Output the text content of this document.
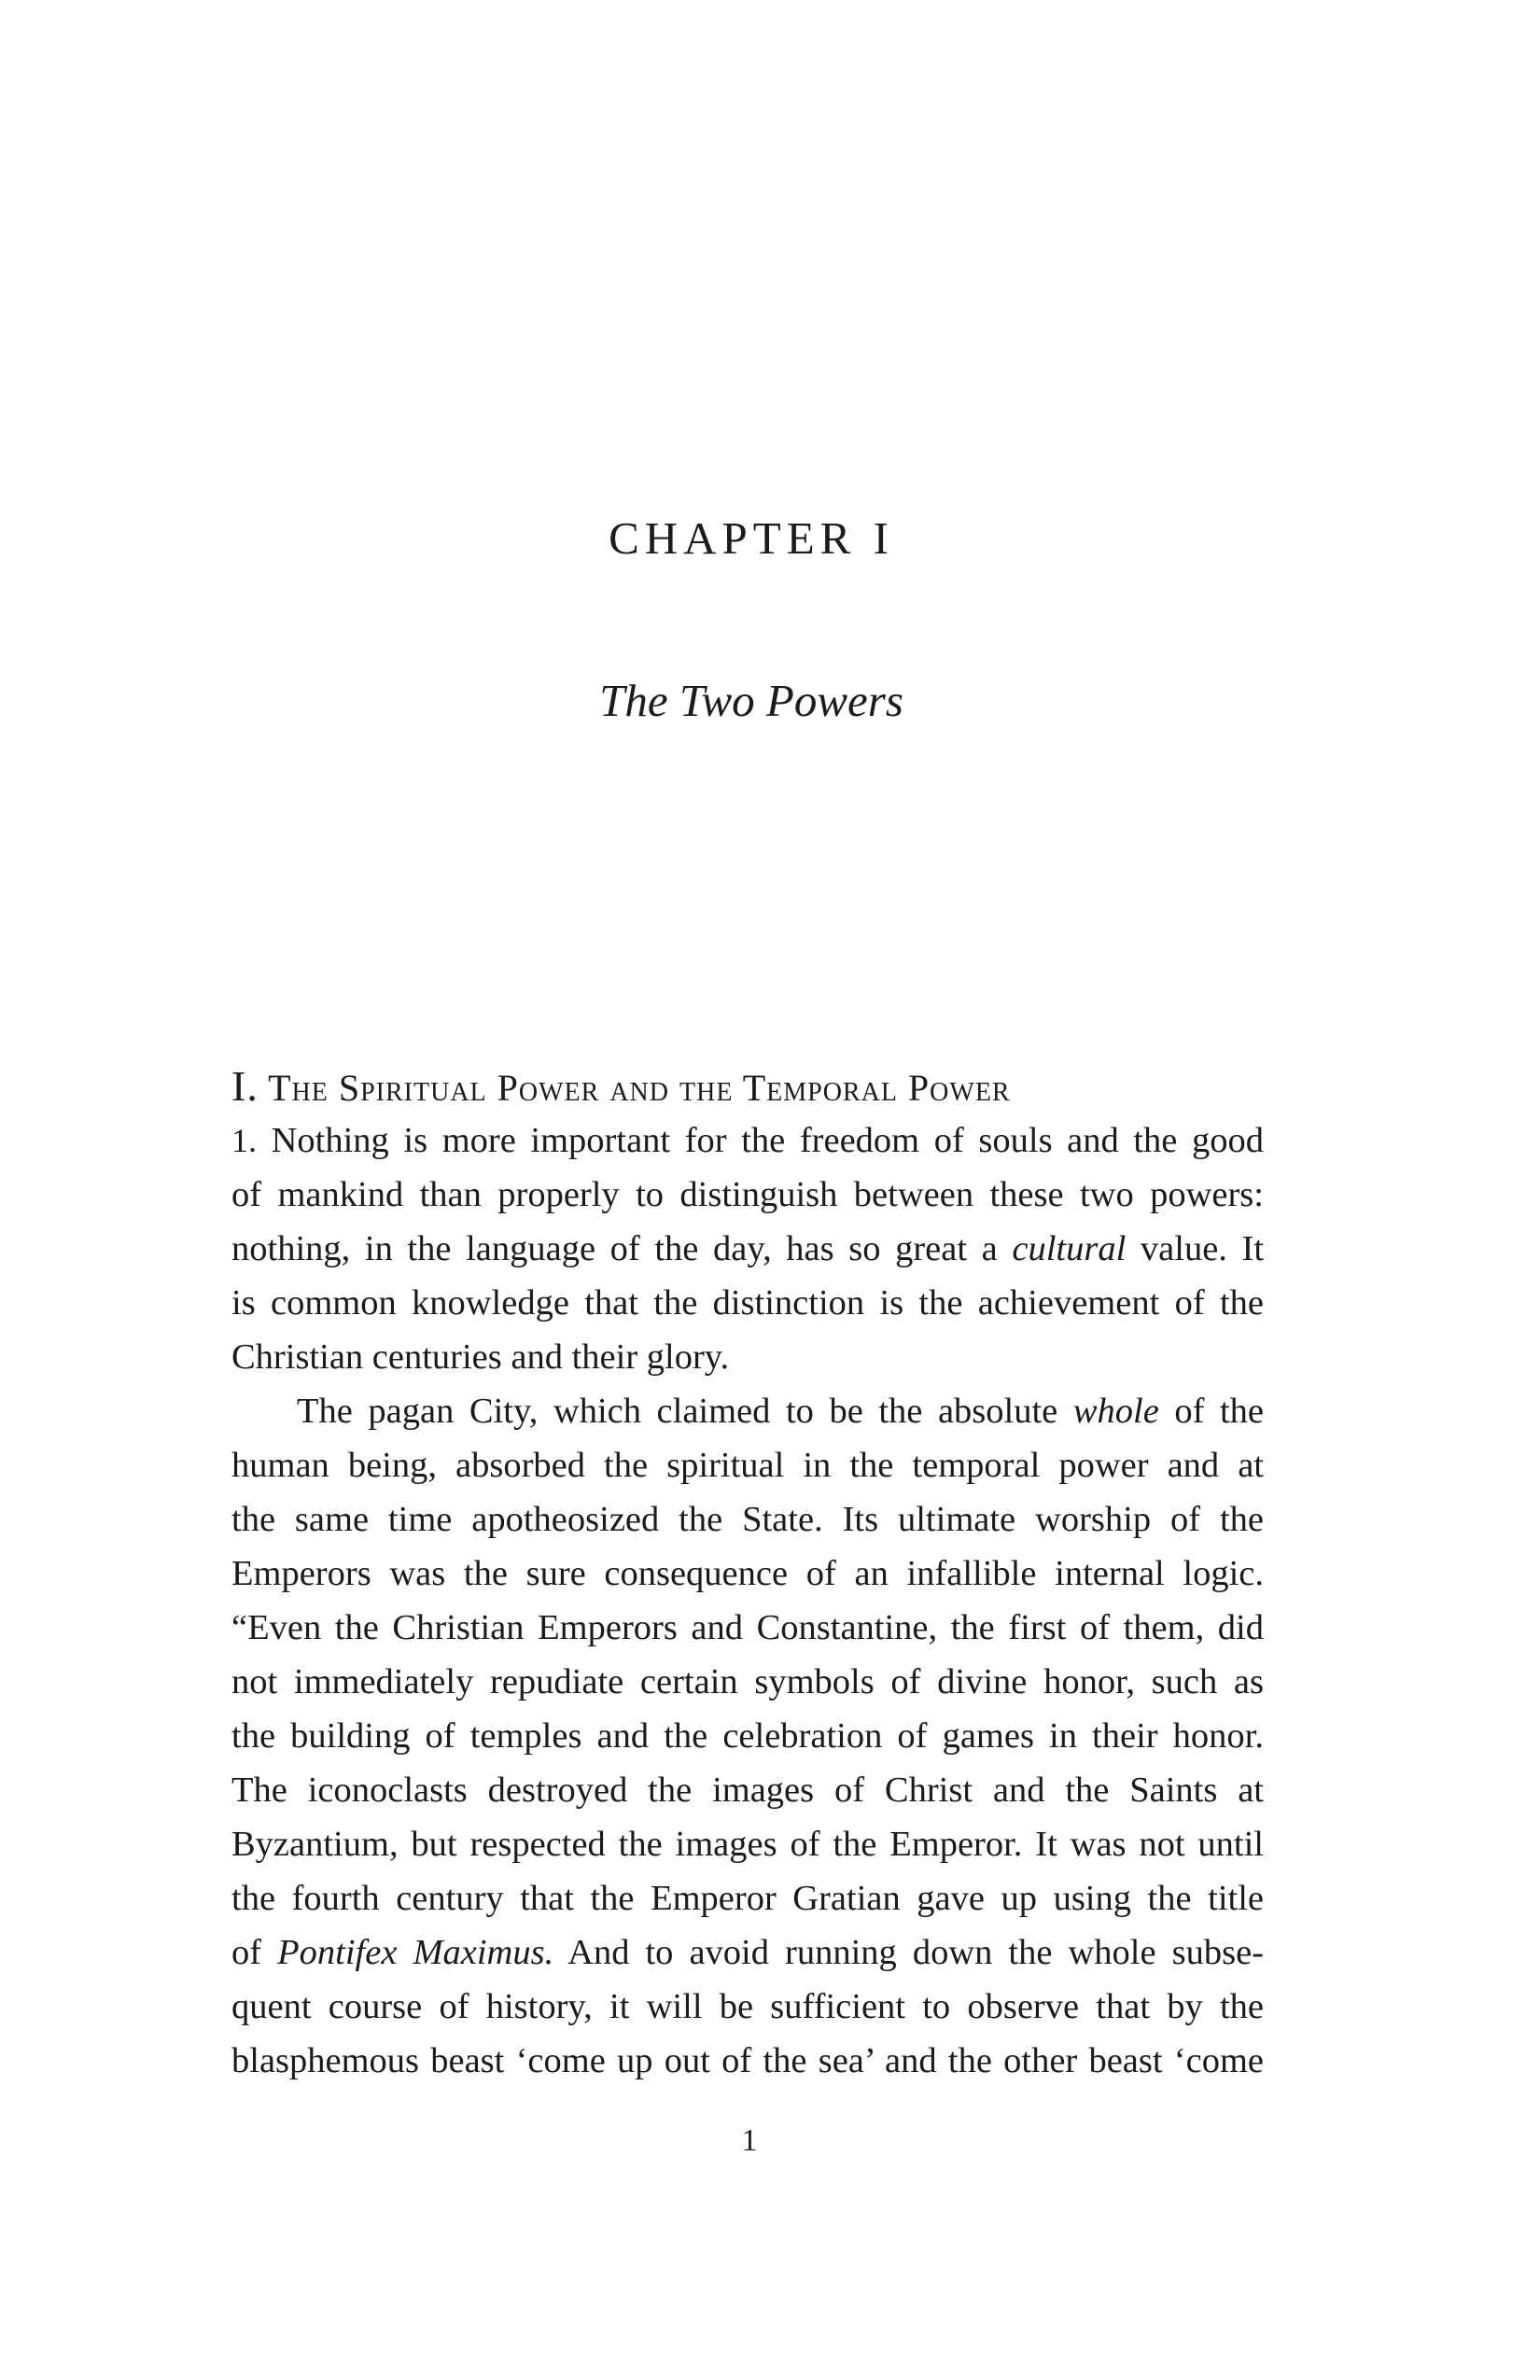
CHAPTER I
The Two Powers
I. The Spiritual Power and the Temporal Power
1. Nothing is more important for the freedom of souls and the good
of mankind than properly to distinguish between these two powers:
nothing, in the language of the day, has so great a cultural value. It
is common knowledge that the distinction is the achievement of the
Christian centuries and their glory.
The pagan City, which claimed to be the absolute whole of the
human being, absorbed the spiritual in the temporal power and at
the same time apotheosized the State. Its ultimate worship of the
Emperors was the sure consequence of an infallible internal logic.
“Even the Christian Emperors and Constantine, the first of them, did
not immediately repudiate certain symbols of divine honor, such as
the building of temples and the celebration of games in their honor.
The iconoclasts destroyed the images of Christ and the Saints at
Byzantium, but respected the images of the Emperor. It was not until
the fourth century that the Emperor Gratian gave up using the title
of Pontifex Maximus. And to avoid running down the whole subse-
quent course of history, it will be sufficient to observe that by the
blasphemous beast ‘come up out of the sea’ and the other beast ‘come
1
